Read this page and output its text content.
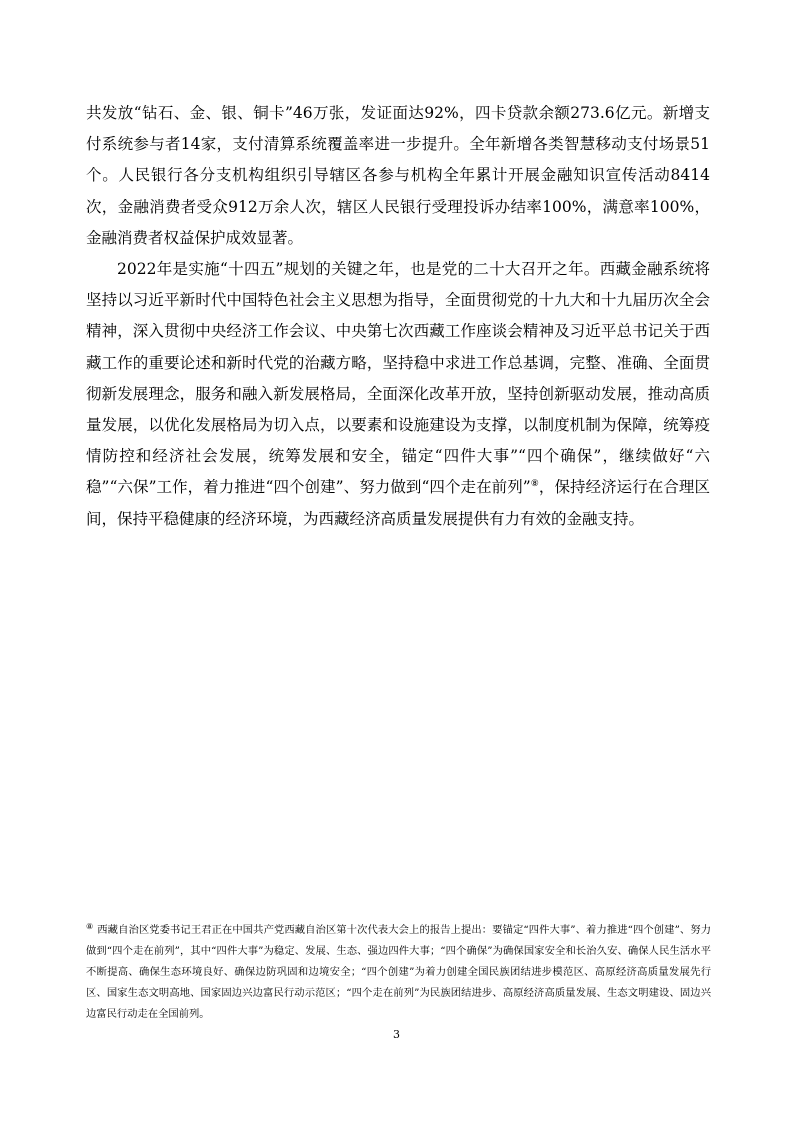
共发放“钻石、金、银、铜卡”46万张，发证面达92%，四卡贷款余额273.6亿元。新增支付系统参与者14家，支付清算系统覆盖率进一步提升。全年新增各类智慧移动支付场景51个。人民银行各分支机构组织引导辖区各参与机构全年累计开展金融知识宣传活动8414次，金融消费者受众912万余人次，辖区人民银行受理投诉办结率100%，满意率100%，金融消费者权益保护成效显著。

2022年是实施“十四五”规划的关键之年，也是党的二十大召开之年。西藏金融系统将坚持以习近平新时代中国特色社会主义思想为指导，全面贯彻党的十九大和十九届历次全会精神，深入贯彻中央经济工作会议、中央第七次西藏工作座谈会精神及习近平总书记关于西藏工作的重要论述和新时代党的治藏方略，坚持稳中求进工作总基调，完整、准确、全面贯彻新发展理念，服务和融入新发展格局，全面深化改革开放，坚持创新驱动发展，推动高质量发展，以优化发展格局为切入点，以要素和设施建设为支撑，以制度机制为保障，统筹疫情防控和经济社会发展，统筹发展和安全，锚定“四件大事”“四个确保”，继续做好“六稳”“六保”工作，着力推进“四个创建”、努力做到“四个走在前列”⑧，保持经济运行在合理区间，保持平稳健康的经济环境，为西藏经济高质量发展提供有力有效的金融支持。

⑧ 西藏自治区党委书记王君正在中国共产党西藏自治区第十次代表大会上的报告上提出：要锚定“四件大事”、着力推进“四个创建”、努力做到“四个走在前列”，其中“四件大事”为稳定、发展、生态、强边四件大事；“四个确保”为确保国家安全和长治久安、确保人民生活水平不断提高、确保生态环境良好、确保边防巩固和边境安全；“四个创建”为着力创建全国民族团结进步模范区、高原经济高质量发展先行区、国家生态文明高地、国家固边兴边富民行动示范区；“四个走在前列”为民族团结进步、高原经济高质量发展、生态文明建设、固边兴边富民行动走在全国前列。

3
